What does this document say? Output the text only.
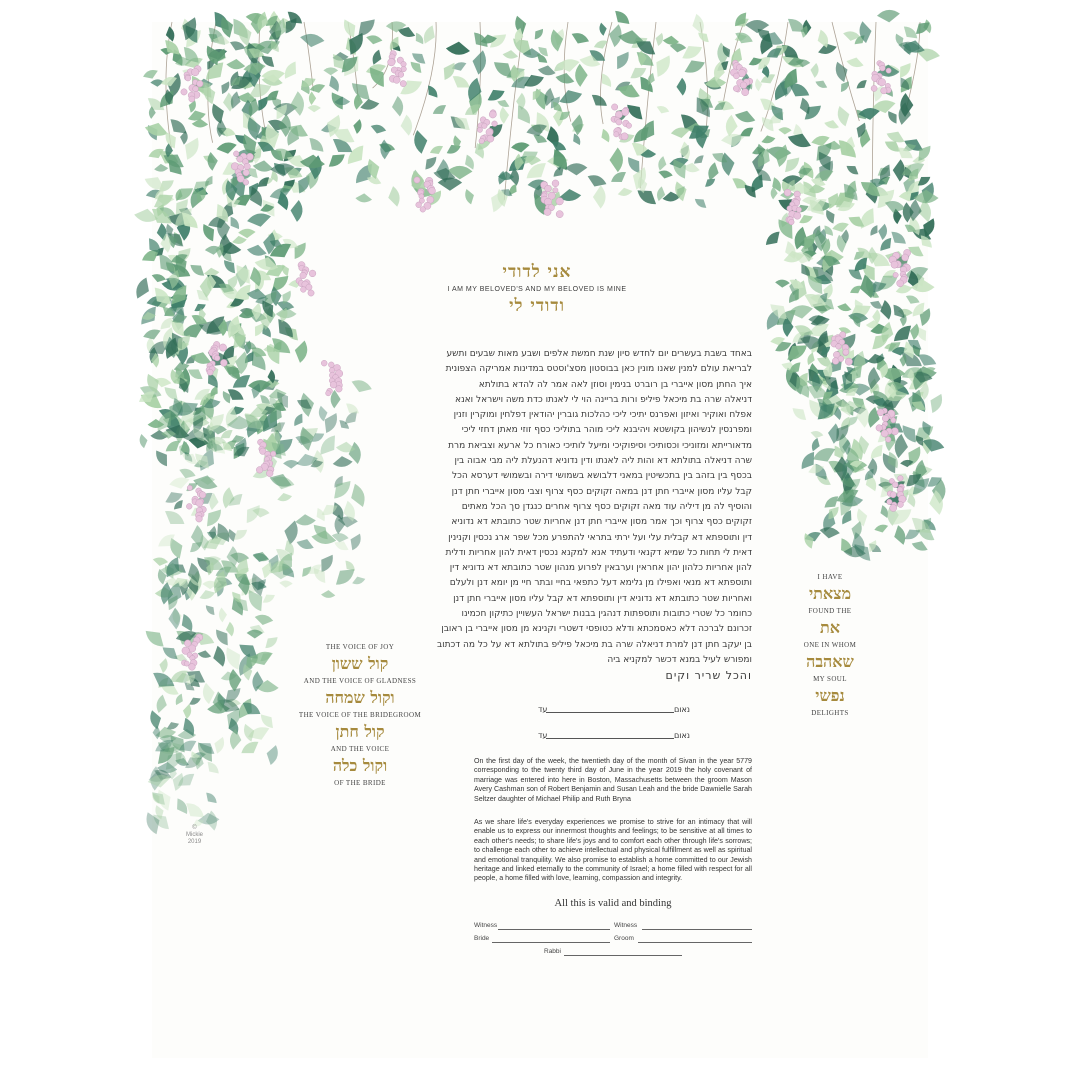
אני לדודי
I AM MY BELOVED'S AND MY BELOVED IS MINE
ודודי לי
באחד בשבת בעשרים יום לחדש סיון שנת חמשת אלפים ושבע מאות שבעים ותשע
לבריאת עולם למנין שאנו מונין כאן בבוסטון מסצ'וסטס במדינות אמריקה הצפונית
איך החתן מסון אייברי בן רוברט בנימין וסוזן לאה אמר לה להדא בתולתא
דניאלה שרה בת מיכאל פיליפ ורות בריינה הוי לי לאנתו כדת משה וישראל ואנא
אפלח ואוקיר ואיזון ואפרנס יתיכי ליכי כהלכות גוברין יהודאין דפלחין ומוקרין וזנין
ומפרנסין לנשיהון בקושטא ויהיבנא ליכי מוהר בתוליכי כסף זוזי מאתן דחזי ליכי
מדאורייתא ומזוניכי וכסותיכי וסיפוקיכי ומיעל לותיכי כאורח כל ארעא וצביאת מרת
שרה דניאלה בתולתא דא והות ליה לאנתו ודין נדוניא דהנעלת ליה מבי אבוה בין
בכסף בין בזהב בין בתכשיטין במאני דלבושא בשמושי דירה ובשמושי דערסא הכל
קבל עליו מסון אייברי חתן דנן במאה זקוקים כסף צרוף וצבי מסון אייברי חתן דנן
והוסיף לה מן דיליה עוד מאה זקוקים כסף צרוף אחרים כנגדן סך הכל מאתים
זקוקים כסף צרוף וכך אמר מסון אייברי חתן דנן אחריות שטר כתובתא דא נדוניא
דין ותוספתא דא קבלית עלי ועל ירתי בתראי להתפרע מכל שפר ארג נכסין וקנינין
דאית לי תחות כל שמיא דקנאי ודעתיד אנא למקנא נכסין דאית להון אחריות ודלית
להון אחריות כלהון יהון אחראין וערבאין לפרוע מנהון שטר כתובתא דא נדוניא דין
ותוספתא דא מנאי ואפילו מן גלימא דעל כתפאי בחיי ובתר חיי מן יומא דנן ולעלם
ואחריות שטר כתובתא דא נדוניא דין ותוספתא דא קבל עליו מסון אייברי חתן דנן
כחומר כל שטרי כתובות ותוספתות דנהגין בבנות ישראל העשויין כתיקון חכמינו
זכרונם לברכה דלא כאסמכתא ודלא כטופסי דשטרי וקנינא מן מסון אייברי בן ראובן
בן יעקב חתן דנן למרת דניאלה שרה בת מיכאל פיליפ בתולתא דא על כל מה דכתוב
ומפורש לעיל במנא דכשר למקניא ביה
והכל שריר וקים
עד	נאום
עד	נאום

On the first day of the week, the twentieth day of the month of Sivan in the year 5779 corresponding to the twenty third day of June in the year 2019 the holy covenant of marriage was entered into here in Boston, Massachusetts between the groom Mason Avery Cashman son of Robert Benjamin and Susan Leah and the bride Dawnielle Sarah Seltzer daughter of Michael Philip and Ruth Bryna

As we share life's everyday experiences we promise to strive for an intimacy that will enable us to express our innermost thoughts and feelings; to be sensitive at all times to each other's needs; to share life's joys and to comfort each other through life's sorrows; to challenge each other to achieve intellectual and physical fulfillment as well as spiritual and emotional tranquility. We also promise to establish a home committed to our Jewish heritage and linked eternally to the community of Israel; a home filled with respect for all people, a home filled with love, learning, compassion and integrity.

All this is valid and binding
Witness	Witness
Bride	Groom
Rabbi
THE VOICE OF JOY
קול ששון
AND THE VOICE OF GLADNESS
וקול שמחה
THE VOICE OF THE BRIDEGROOM
קול חתן
AND THE VOICE
וקול כלה
OF THE BRIDE
I HAVE
מצאתי
FOUND THE
את
ONE IN WHOM
שאהבה
MY SOUL
נפשי
DELIGHTS
©
Mickie
2019
